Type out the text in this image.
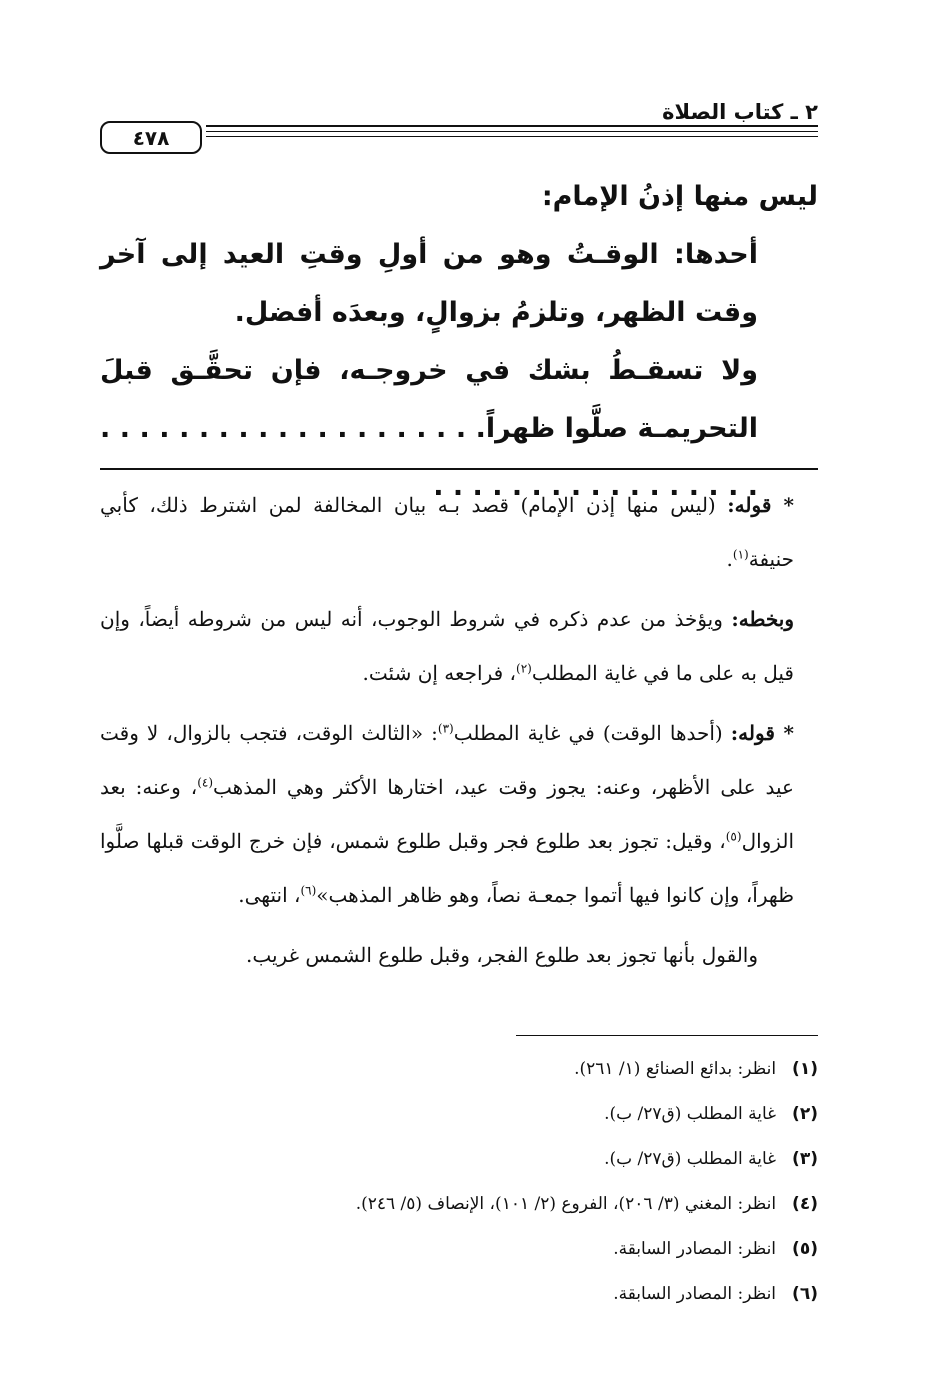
٢ ـ كتاب الصلاة
٤٧٨

ليس منها إذنُ الإمام:

أحدها: الوقـتُ وهو من أولِ وقتِ العيد إلى آخر وقت الظهر، وتلزمُ بزوالٍ، وبعدَه أفضل.

ولا تسقـطُ بشك في خروجـه، فإن تحقَّـق قبلَ التحريمـة صلَّوا ظهراً. . . . . . . . . . . . . . . . . . . . . . . . . . . . . . . . . . . . .

* قوله: (ليس منها إذن الإمام) قصد بـه بيان المخالفة لمن اشترط ذلك، كأبي حنيفة$^{(١)}$.

وبخطه: ويؤخذ من عدم ذكره في شروط الوجوب، أنه ليس من شروطه أيضاً، وإن قيل به على ما في غاية المطلب$^{(٢)}$، فراجعه إن شئت.

* قوله: (أحدها الوقت) في غاية المطلب$^{(٣)}$: «الثالث الوقت، فتجب بالزوال، لا وقت عيد على الأظهر، وعنه: يجوز وقت عيد، اختارها الأكثر وهي المذهب$^{(٤)}$، وعنه: بعد الزوال$^{(٥)}$، وقيل: تجوز بعد طلوع فجر وقبل طلوع شمس، فإن خرج الوقت قبلها صلَّوا ظهراً، وإن كانوا فيها أتموا جمعـة نصاً، وهو ظاهر المذهب»$^{(٦)}$، انتهى.

والقول بأنها تجوز بعد طلوع الفجر، وقبل طلوع الشمس غريب.

(١)انظر: بدائع الصنائع (١/ ٢٦١).

(٢)غاية المطلب (ق٢٧/ ب).

(٣)غاية المطلب (ق٢٧/ ب).

(٤)انظر: المغني (٣/ ٢٠٦)، الفروع (٢/ ١٠١)، الإنصاف (٥/ ٢٤٦).

(٥)انظر: المصادر السابقة.

(٦)انظر: المصادر السابقة.
